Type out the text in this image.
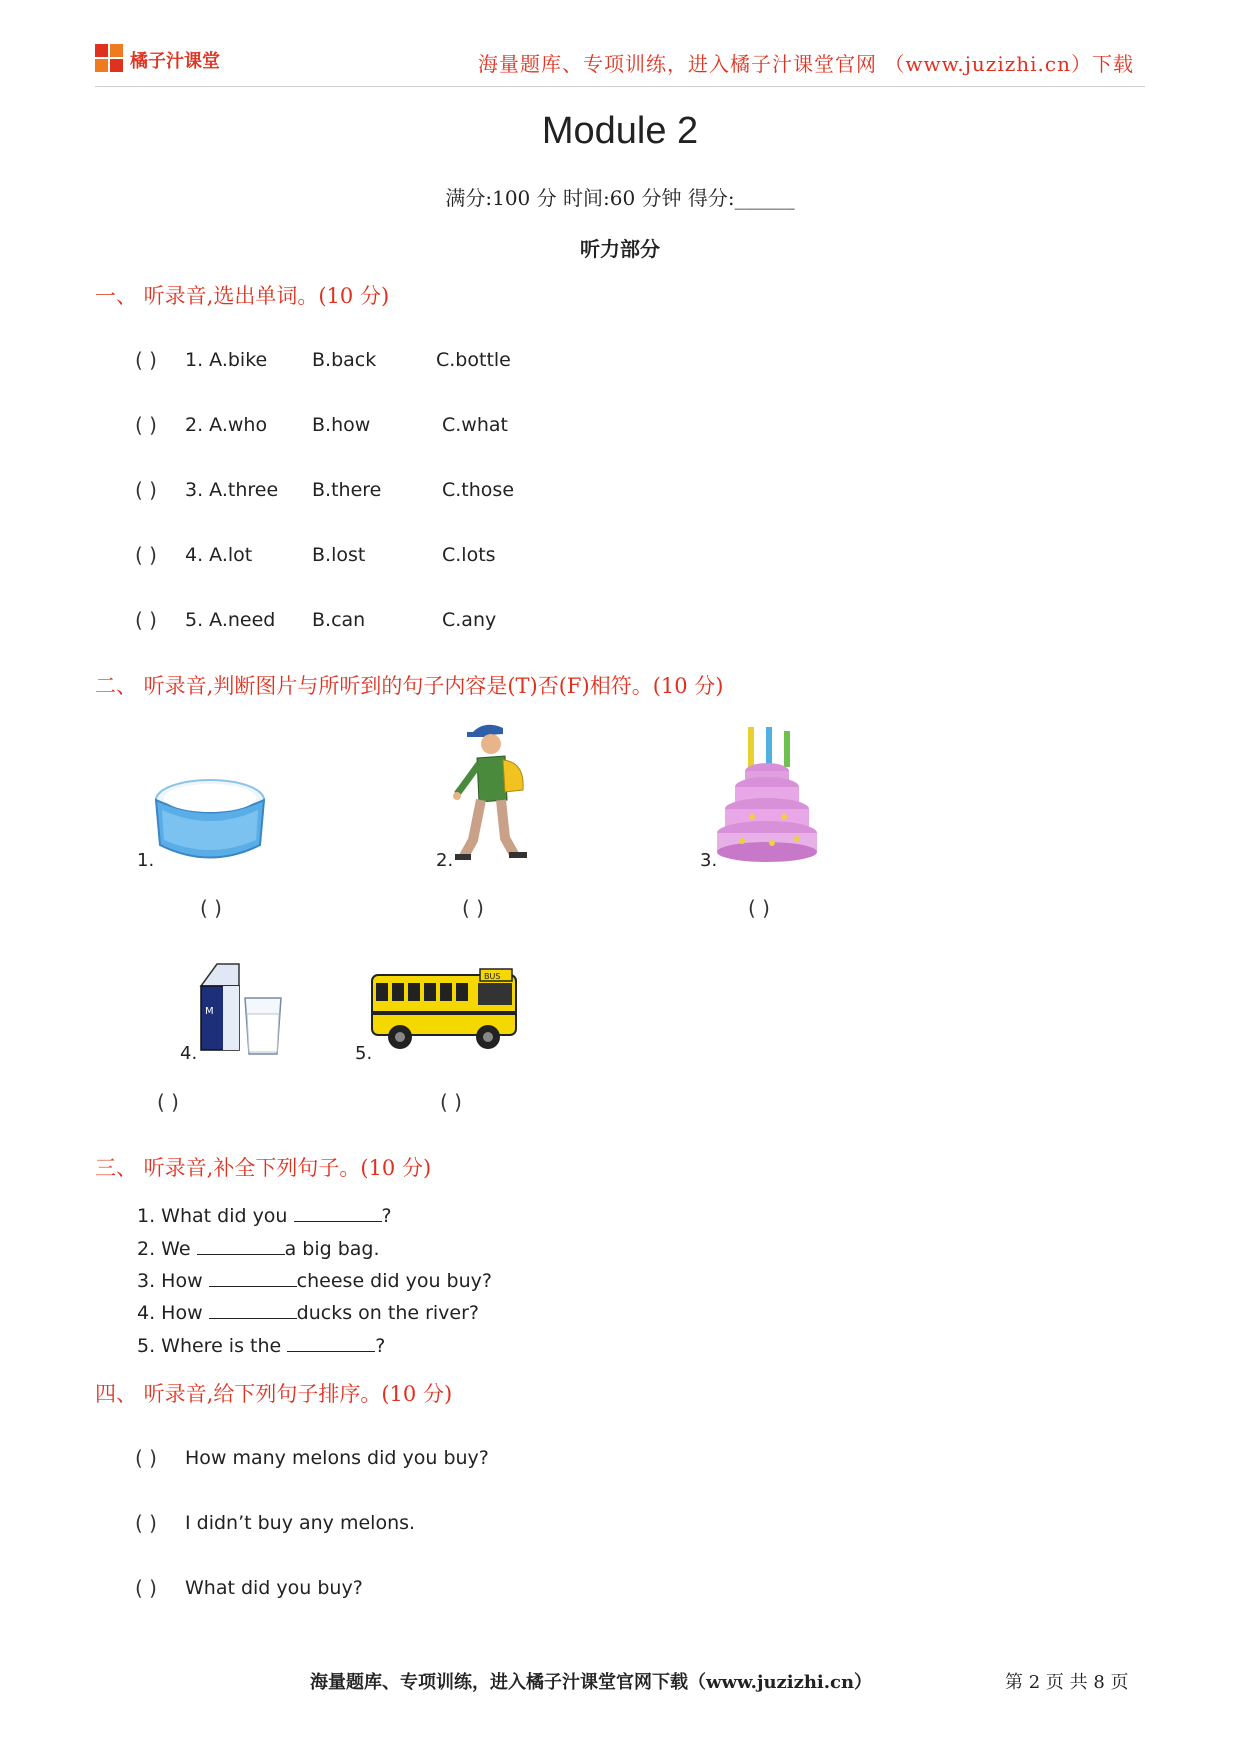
橘子汁课堂	海量题库、专项训练，进入橘子汁课堂官网 （www.juzizhi.cn）下载
Module 2
满分:100 分 时间:60 分钟 得分:______
听力部分
一、 听录音,选出单词。(10 分)
( ) 1. A.bike B.back	C.bottle
( ) 2. A.who B.how	C.what
( ) 3. A.three B.there	C.those
( ) 4. A.lot	B.lost	C.lots
( ) 5. A.need B.can	C.any
二、 听录音,判断图片与所听到的句子内容是(T)否(F)相符。(10 分)
1.
( )
2.
( )
3.
( )
4.
M
( )
5.
BUS
( )
三、 听录音,补全下列句子。(10 分)
1. What did you	?
2. We	a big bag.
3. How	cheese did you buy?
4. How	ducks on the river?
5. Where is the	?
四、 听录音,给下列句子排序。(10 分)
( ) How many melons did you buy?
( ) I didn’t buy any melons.
( ) What did you buy?
海量题库、专项训练，进入橘子汁课堂官网下载（www.juzizhi.cn）	第 2 页 共 8 页
